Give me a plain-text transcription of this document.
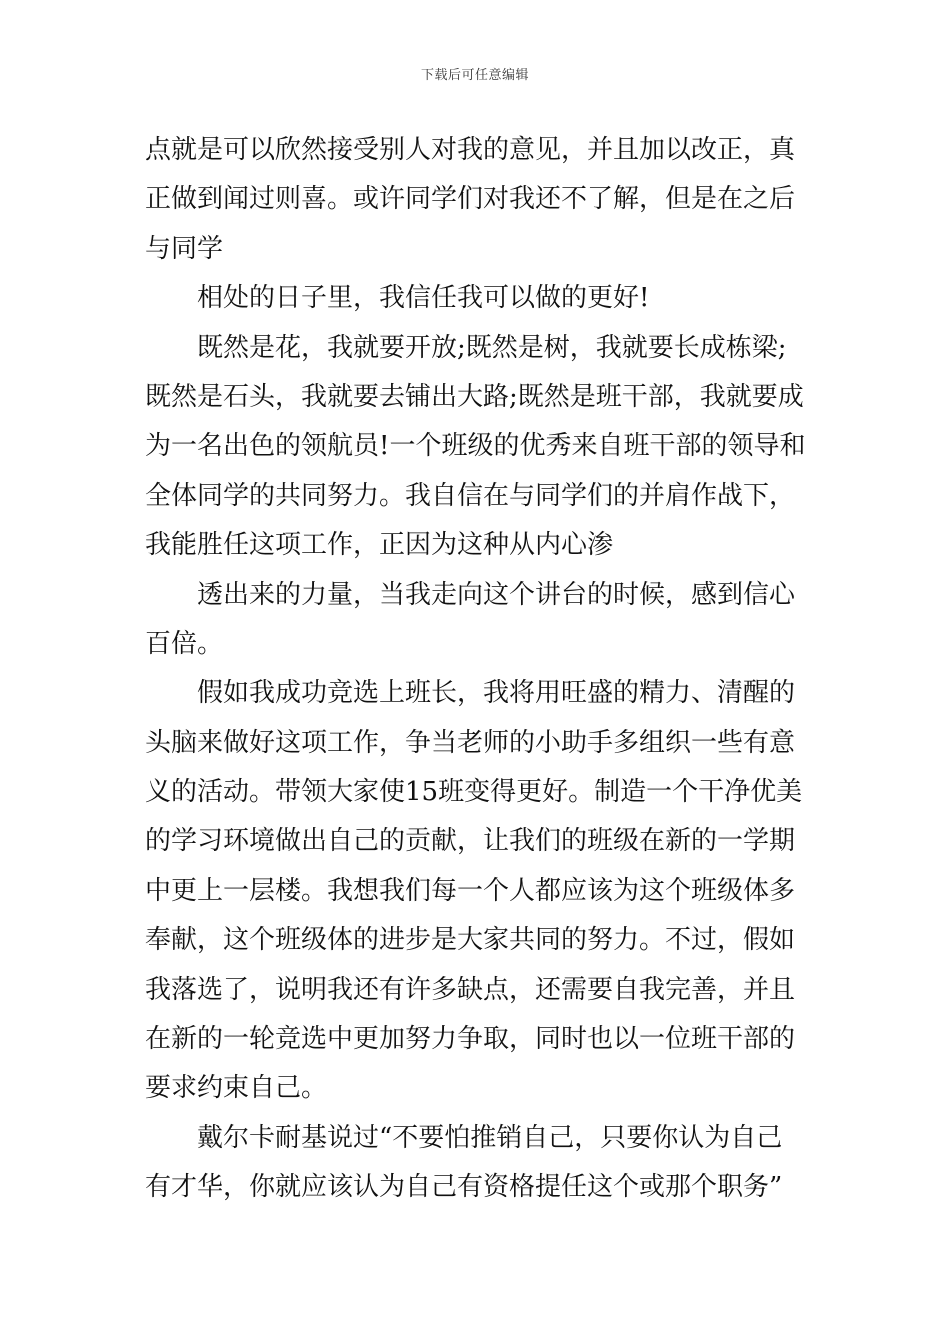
下载后可任意编辑
点就是可以欣然接受别人对我的意见，并且加以改正，真
正做到闻过则喜。或许同学们对我还不了解，但是在之后
与同学
相处的日子里，我信任我可以做的更好!
既然是花，我就要开放;既然是树，我就要长成栋梁;
既然是石头，我就要去铺出大路;既然是班干部，我就要成
为一名出色的领航员!一个班级的优秀来自班干部的领导和
全体同学的共同努力。我自信在与同学们的并肩作战下，
我能胜任这项工作，正因为这种从内心渗
透出来的力量，当我走向这个讲台的时候，感到信心
百倍。
假如我成功竞选上班长，我将用旺盛的精力、清醒的
头脑来做好这项工作，争当老师的小助手多组织一些有意
义的活动。带领大家使15班变得更好。制造一个干净优美
的学习环境做出自己的贡献，让我们的班级在新的一学期
中更上一层楼。我想我们每一个人都应该为这个班级体多
奉献，这个班级体的进步是大家共同的努力。不过，假如
我落选了，说明我还有许多缺点，还需要自我完善，并且
在新的一轮竞选中更加努力争取，同时也以一位班干部的
要求约束自己。
戴尔卡耐基说过“不要怕推销自己，只要你认为自己
有才华，你就应该认为自己有资格提任这个或那个职务”
